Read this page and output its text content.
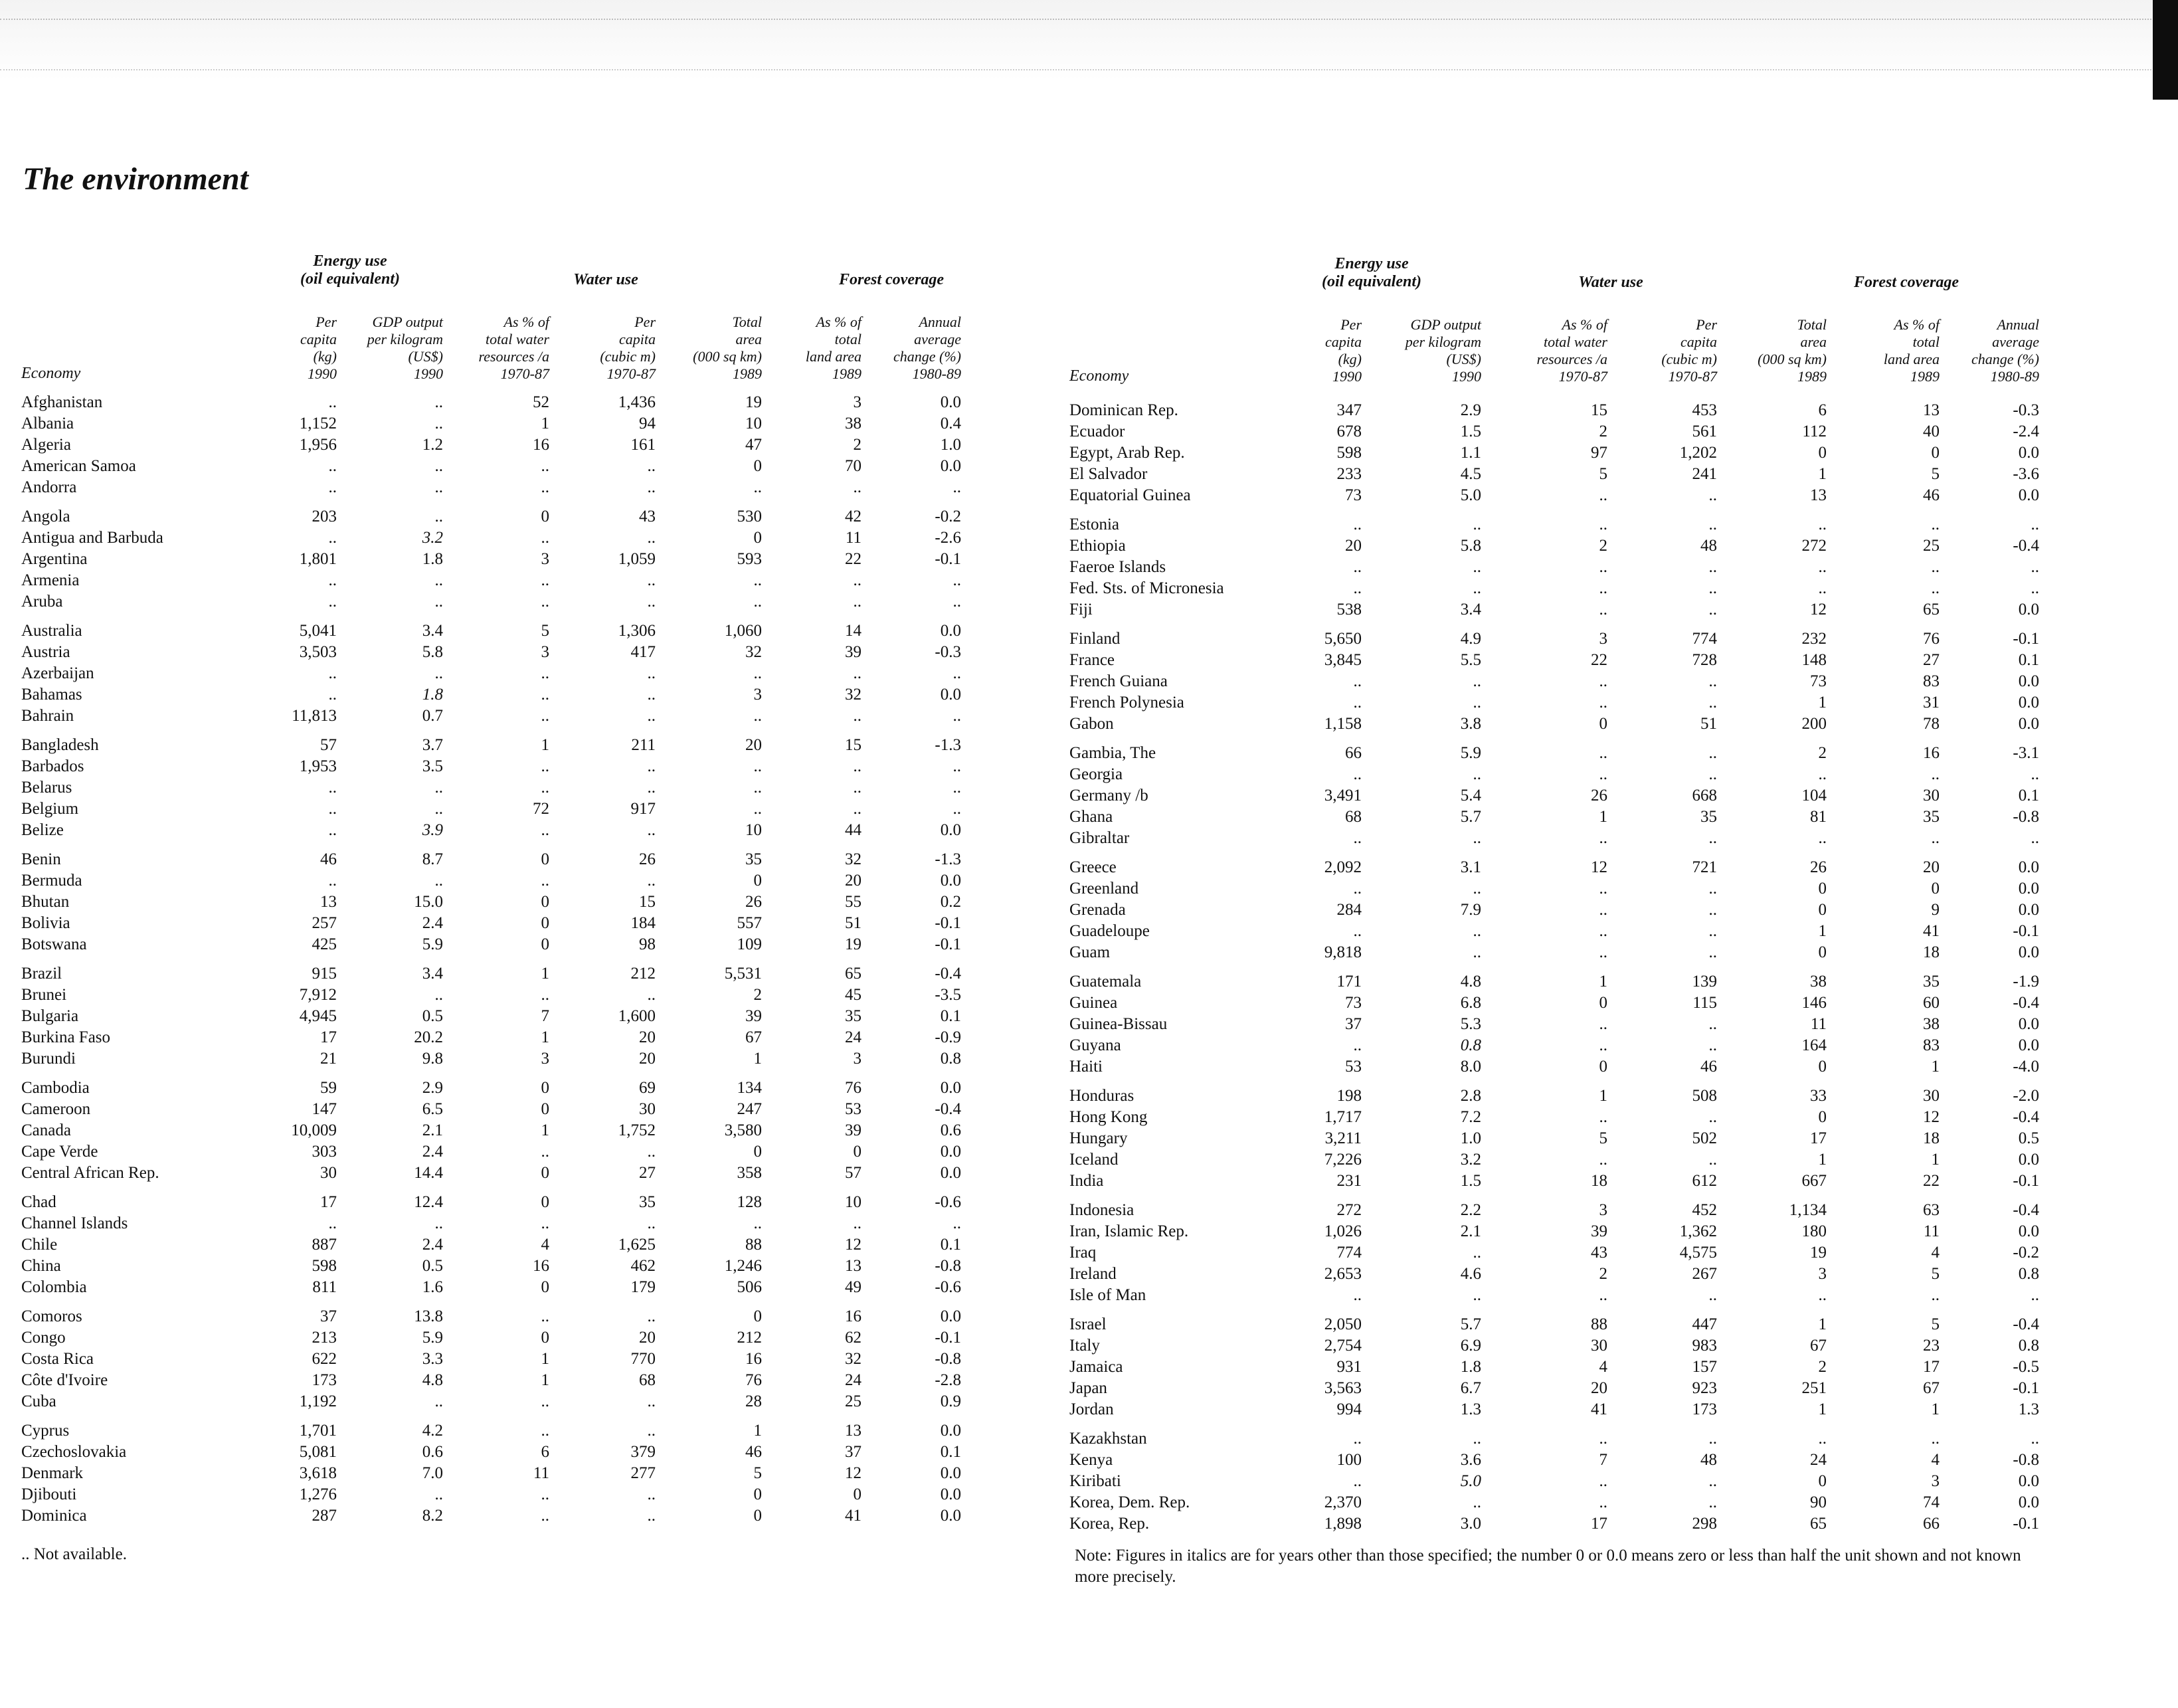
The environment
Energy use
(oil equivalent)	Water use	Forest coverage
Economy
Per
capita
(kg)
1990
GDP output
per kilogram
(US$)
1990
As % of
total water
resources /a
1970-87
Per
capita
(cubic m)
1970-87
Total
area
(000 sq km)
1989
As % of
total
land area
1989
Annual
average
change (%)
1980-89
Afghanistan	..	..	52	1,436	19	3	0.0
Albania	1,152	..	1	94	10	38	0.4
Algeria	1,956	1.2	16	161	47	2	1.0
American Samoa	..	..	..	..	0	70	0.0
Andorra	..	..	..	..	..	..	..
Angola	203	..	0	43	530	42	-0.2
Antigua and Barbuda	..	3.2	..	..	0	11	-2.6
Argentina	1,801	1.8	3	1,059	593	22	-0.1
Armenia	..	..	..	..	..	..	..
Aruba	..	..	..	..	..	..	..
Australia	5,041	3.4	5	1,306	1,060	14	0.0
Austria	3,503	5.8	3	417	32	39	-0.3
Azerbaijan	..	..	..	..	..	..	..
Bahamas	..	1.8	..	..	3	32	0.0
Bahrain	11,813	0.7	..	..	..	..	..
Bangladesh	57	3.7	1	211	20	15	-1.3
Barbados	1,953	3.5	..	..	..	..	..
Belarus	..	..	..	..	..	..	..
Belgium	..	..	72	917	..	..	..
Belize	..	3.9	..	..	10	44	0.0
Benin	46	8.7	0	26	35	32	-1.3
Bermuda	..	..	..	..	0	20	0.0
Bhutan	13	15.0	0	15	26	55	0.2
Bolivia	257	2.4	0	184	557	51	-0.1
Botswana	425	5.9	0	98	109	19	-0.1
Brazil	915	3.4	1	212	5,531	65	-0.4
Brunei	7,912	..	..	..	2	45	-3.5
Bulgaria	4,945	0.5	7	1,600	39	35	0.1
Burkina Faso	17	20.2	1	20	67	24	-0.9
Burundi	21	9.8	3	20	1	3	0.8
Cambodia	59	2.9	0	69	134	76	0.0
Cameroon	147	6.5	0	30	247	53	-0.4
Canada	10,009	2.1	1	1,752	3,580	39	0.6
Cape Verde	303	2.4	..	..	0	0	0.0
Central African Rep.	30	14.4	0	27	358	57	0.0
Chad	17	12.4	0	35	128	10	-0.6
Channel Islands	..	..	..	..	..	..	..
Chile	887	2.4	4	1,625	88	12	0.1
China	598	0.5	16	462	1,246	13	-0.8
Colombia	811	1.6	0	179	506	49	-0.6
Comoros	37	13.8	..	..	0	16	0.0
Congo	213	5.9	0	20	212	62	-0.1
Costa Rica	622	3.3	1	770	16	32	-0.8
Côte d'Ivoire	173	4.8	1	68	76	24	-2.8
Cuba	1,192	..	..	..	28	25	0.9
Cyprus	1,701	4.2	..	..	1	13	0.0
Czechoslovakia	5,081	0.6	6	379	46	37	0.1
Denmark	3,618	7.0	11	277	5	12	0.0
Djibouti	1,276	..	..	..	0	0	0.0
Dominica	287	8.2	..	..	0	41	0.0
Energy use
(oil equivalent)	Water use	Forest coverage
Economy
Per
capita
(kg)
1990
GDP output
per kilogram
(US$)
1990
As % of
total water
resources /a
1970-87
Per
capita
(cubic m)
1970-87
Total
area
(000 sq km)
1989
As % of
total
land area
1989
Annual
average
change (%)
1980-89
Dominican Rep.	347	2.9	15	453	6	13	-0.3
Ecuador	678	1.5	2	561	112	40	-2.4
Egypt, Arab Rep.	598	1.1	97	1,202	0	0	0.0
El Salvador	233	4.5	5	241	1	5	-3.6
Equatorial Guinea	73	5.0	..	..	13	46	0.0
Estonia	..	..	..	..	..	..	..
Ethiopia	20	5.8	2	48	272	25	-0.4
Faeroe Islands	..	..	..	..	..	..	..
Fed. Sts. of Micronesia	..	..	..	..	..	..	..
Fiji	538	3.4	..	..	12	65	0.0
Finland	5,650	4.9	3	774	232	76	-0.1
France	3,845	5.5	22	728	148	27	0.1
French Guiana	..	..	..	..	73	83	0.0
French Polynesia	..	..	..	..	1	31	0.0
Gabon	1,158	3.8	0	51	200	78	0.0
Gambia, The	66	5.9	..	..	2	16	-3.1
Georgia	..	..	..	..	..	..	..
Germany /b	3,491	5.4	26	668	104	30	0.1
Ghana	68	5.7	1	35	81	35	-0.8
Gibraltar	..	..	..	..	..	..	..
Greece	2,092	3.1	12	721	26	20	0.0
Greenland	..	..	..	..	0	0	0.0
Grenada	284	7.9	..	..	0	9	0.0
Guadeloupe	..	..	..	..	1	41	-0.1
Guam	9,818	..	..	..	0	18	0.0
Guatemala	171	4.8	1	139	38	35	-1.9
Guinea	73	6.8	0	115	146	60	-0.4
Guinea-Bissau	37	5.3	..	..	11	38	0.0
Guyana	..	0.8	..	..	164	83	0.0
Haiti	53	8.0	0	46	0	1	-4.0
Honduras	198	2.8	1	508	33	30	-2.0
Hong Kong	1,717	7.2	..	..	0	12	-0.4
Hungary	3,211	1.0	5	502	17	18	0.5
Iceland	7,226	3.2	..	..	1	1	0.0
India	231	1.5	18	612	667	22	-0.1
Indonesia	272	2.2	3	452	1,134	63	-0.4
Iran, Islamic Rep.	1,026	2.1	39	1,362	180	11	0.0
Iraq	774	..	43	4,575	19	4	-0.2
Ireland	2,653	4.6	2	267	3	5	0.8
Isle of Man	..	..	..	..	..	..	..
Israel	2,050	5.7	88	447	1	5	-0.4
Italy	2,754	6.9	30	983	67	23	0.8
Jamaica	931	1.8	4	157	2	17	-0.5
Japan	3,563	6.7	20	923	251	67	-0.1
Jordan	994	1.3	41	173	1	1	1.3
Kazakhstan	..	..	..	..	..	..	..
Kenya	100	3.6	7	48	24	4	-0.8
Kiribati	..	5.0	..	..	0	3	0.0
Korea, Dem. Rep.	2,370	..	..	..	90	74	0.0
Korea, Rep.	1,898	3.0	17	298	65	66	-0.1
.. Not available.	Note: Figures in italics are for years other than those specified; the number 0 or 0.0 means zero or less than half the unit shown and not known more precisely.
